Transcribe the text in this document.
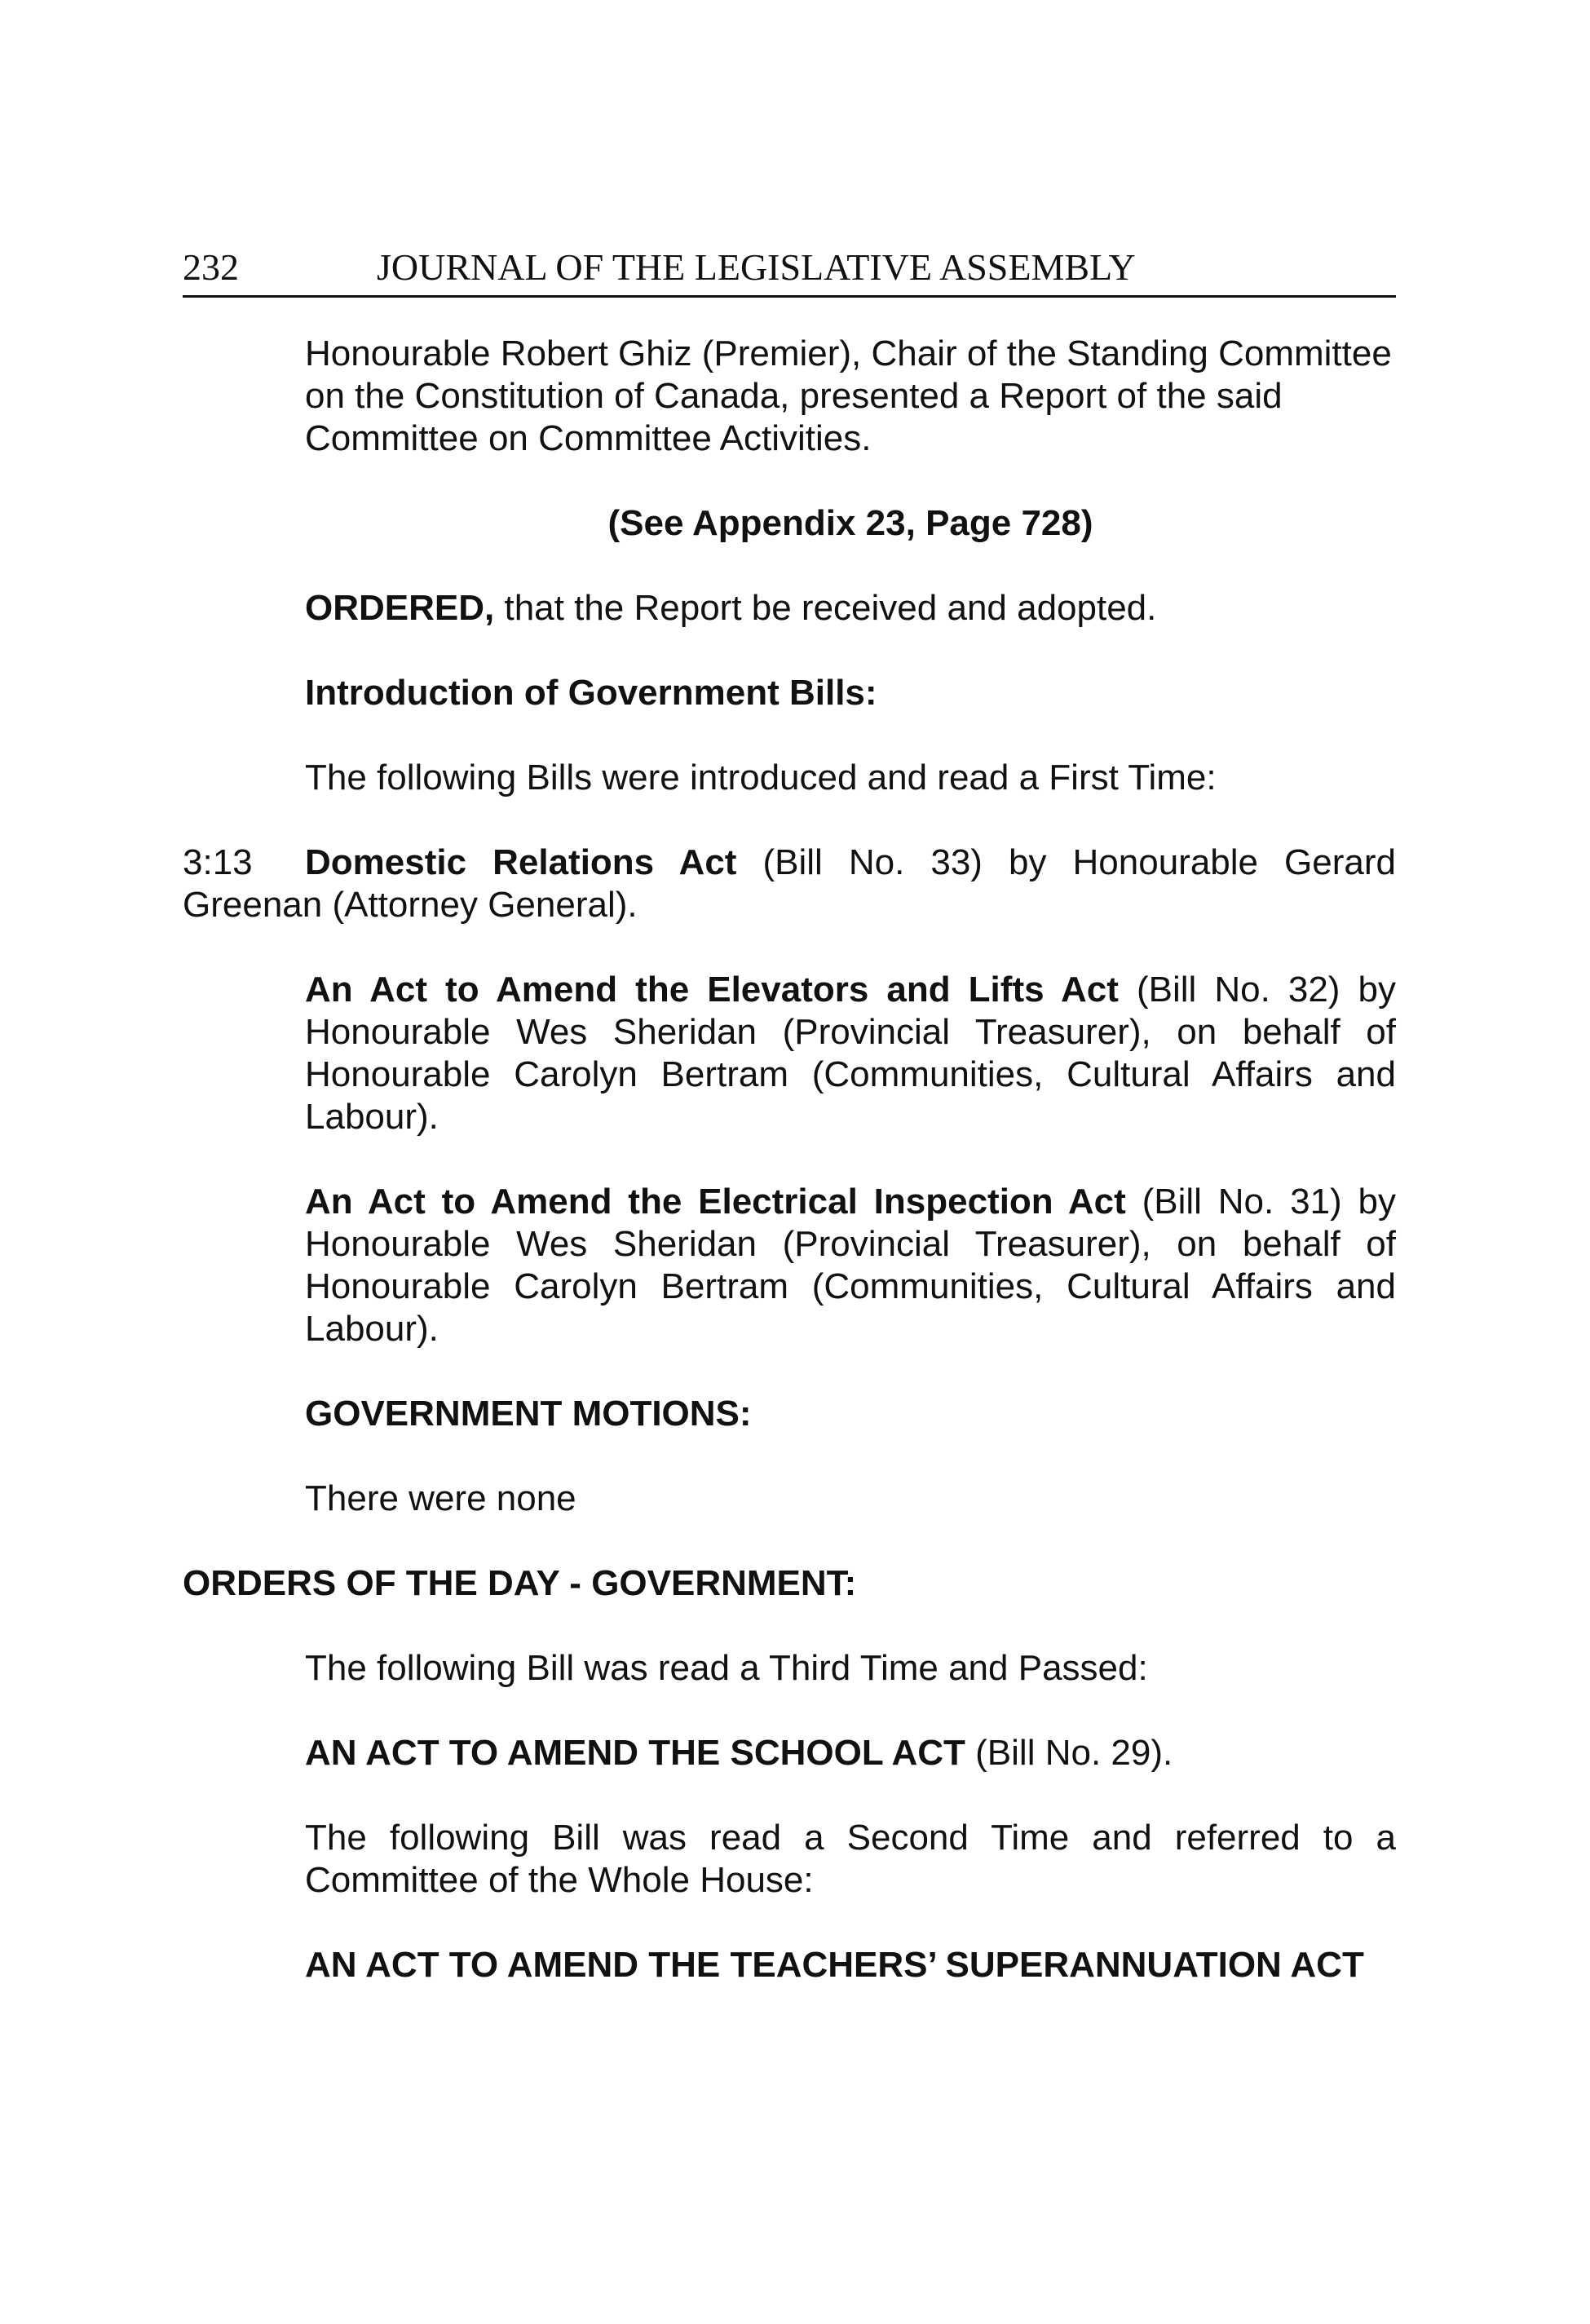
232	JOURNAL OF THE LEGISLATIVE ASSEMBLY

Honourable Robert Ghiz (Premier), Chair of the Standing Committee on the Constitution of Canada, presented a Report of the said Committee on Committee Activities.

(See Appendix 23, Page 728)

ORDERED, that the Report be received and adopted.

Introduction of Government Bills:

The following Bills were introduced and read a First Time:

3:13 Domestic Relations Act (Bill No. 33) by Honourable Gerard Greenan (Attorney General).

An Act to Amend the Elevators and Lifts Act (Bill No. 32) by Honourable Wes Sheridan (Provincial Treasurer), on behalf of Honourable Carolyn Bertram (Communities, Cultural Affairs and Labour).

An Act to Amend the Electrical Inspection Act (Bill No. 31) by Honourable Wes Sheridan (Provincial Treasurer), on behalf of Honourable Carolyn Bertram (Communities, Cultural Affairs and Labour).

GOVERNMENT MOTIONS:

There were none

ORDERS OF THE DAY - GOVERNMENT:

The following Bill was read a Third Time and Passed:

AN ACT TO AMEND THE SCHOOL ACT (Bill No. 29).

The following Bill was read a Second Time and referred to a Committee of the Whole House:

AN ACT TO AMEND THE TEACHERS’ SUPERANNUATION ACT
